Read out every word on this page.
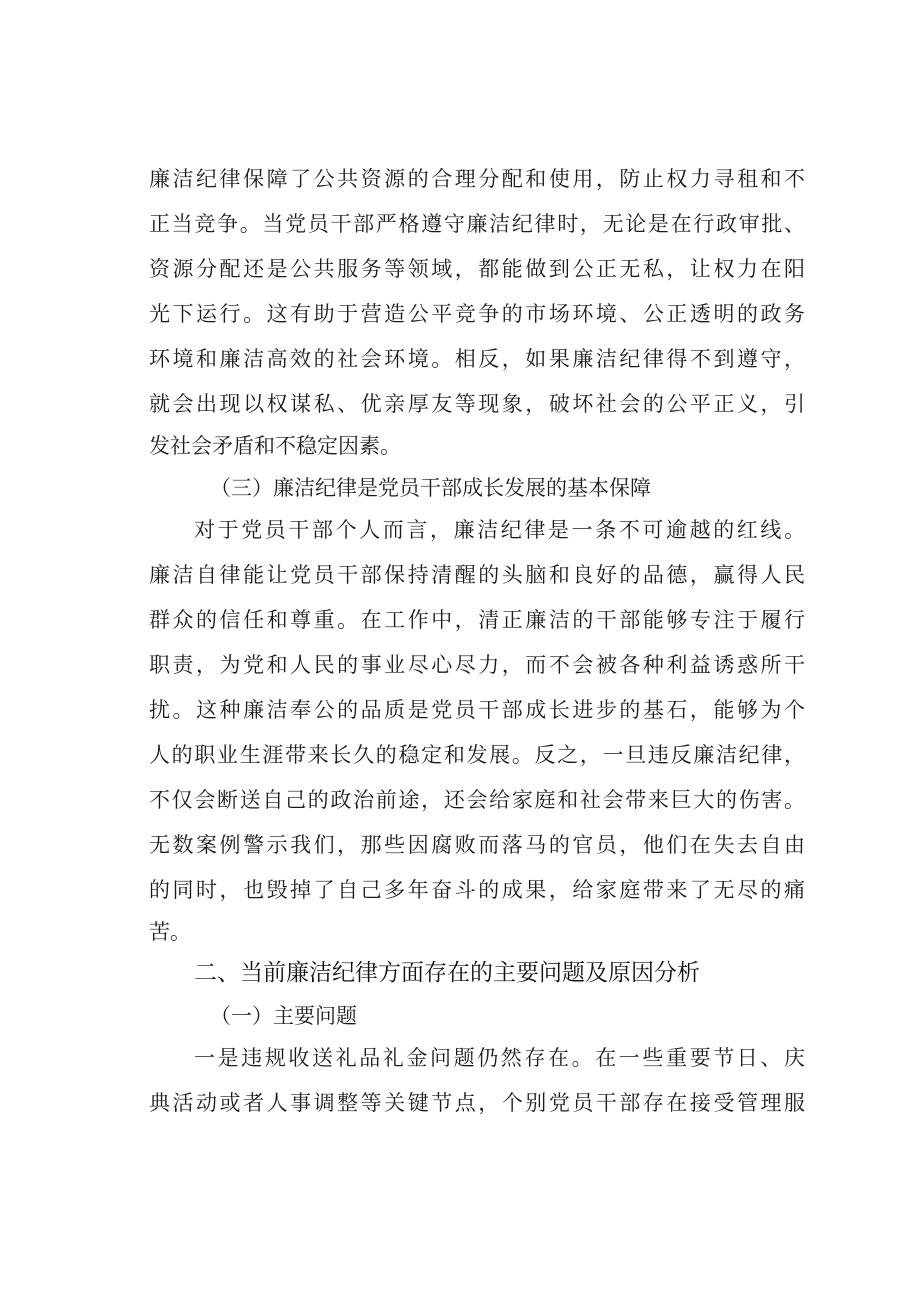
廉洁纪律保障了公共资源的合理分配和使用，防止权力寻租和不
正当竞争。当党员干部严格遵守廉洁纪律时，无论是在行政审批、
资源分配还是公共服务等领域，都能做到公正无私，让权力在阳
光下运行。这有助于营造公平竞争的市场环境、公正透明的政务
环境和廉洁高效的社会环境。相反，如果廉洁纪律得不到遵守，
就会出现以权谋私、优亲厚友等现象，破坏社会的公平正义，引
发社会矛盾和不稳定因素。
（三）廉洁纪律是党员干部成长发展的基本保障
对于党员干部个人而言，廉洁纪律是一条不可逾越的红线。
廉洁自律能让党员干部保持清醒的头脑和良好的品德，赢得人民
群众的信任和尊重。在工作中，清正廉洁的干部能够专注于履行
职责，为党和人民的事业尽心尽力，而不会被各种利益诱惑所干
扰。这种廉洁奉公的品质是党员干部成长进步的基石，能够为个
人的职业生涯带来长久的稳定和发展。反之，一旦违反廉洁纪律，
不仅会断送自己的政治前途，还会给家庭和社会带来巨大的伤害。
无数案例警示我们，那些因腐败而落马的官员，他们在失去自由
的同时，也毁掉了自己多年奋斗的成果，给家庭带来了无尽的痛
苦。
二、当前廉洁纪律方面存在的主要问题及原因分析
（一）主要问题
一是违规收送礼品礼金问题仍然存在。在一些重要节日、庆
典活动或者人事调整等关键节点，个别党员干部存在接受管理服
